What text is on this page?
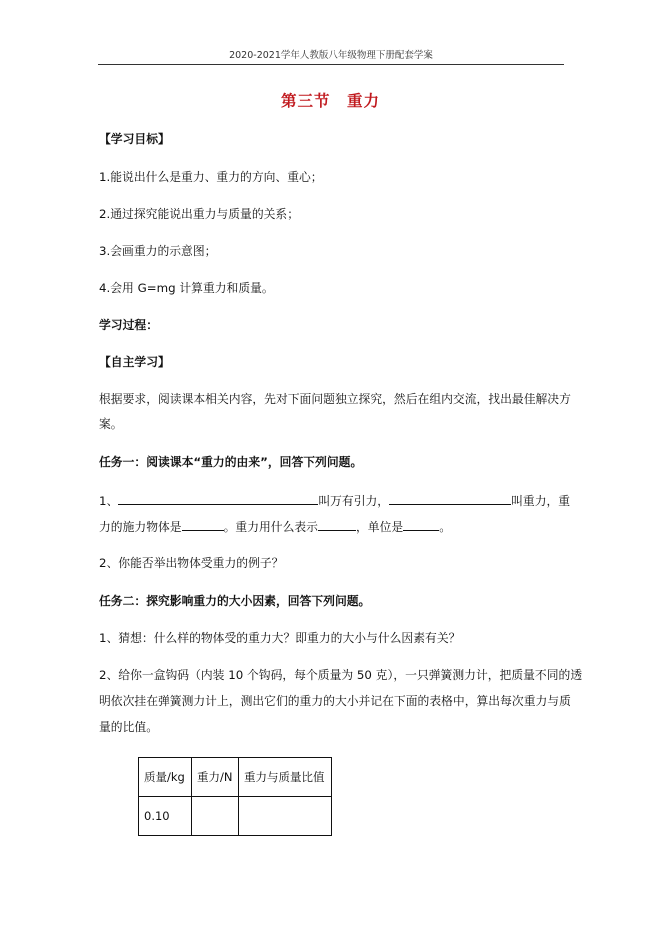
2020-2021学年人教版八年级物理下册配套学案
第三节　重力
【学习目标】
1.能说出什么是重力、重力的方向、重心；
2.通过探究能说出重力与质量的关系；
3.会画重力的示意图；
4.会用 G=mg 计算重力和质量。
学习过程：
【自主学习】
根据要求，阅读课本相关内容，先对下面问题独立探究，然后在组内交流，找出最佳解决方
案。
任务一：阅读课本“重力的由来”，回答下列问题。
1、	叫万有引力，	叫重力，重
力的施力物体是	。重力用什么表示	，单位是	。
2、你能否举出物体受重力的例子？
任务二：探究影响重力的大小因素，回答下列问题。
1、猜想：什么样的物体受的重力大？即重力的大小与什么因素有关？
2、给你一盒钩码（内装 10 个钩码，每个质量为 50 克），一只弹簧测力计，把质量不同的透
明依次挂在弹簧测力计上，测出它们的重力的大小并记在下面的表格中，算出每次重力与质
量的比值。
质量/kg	重力/N	重力与质量比值
0.10		
